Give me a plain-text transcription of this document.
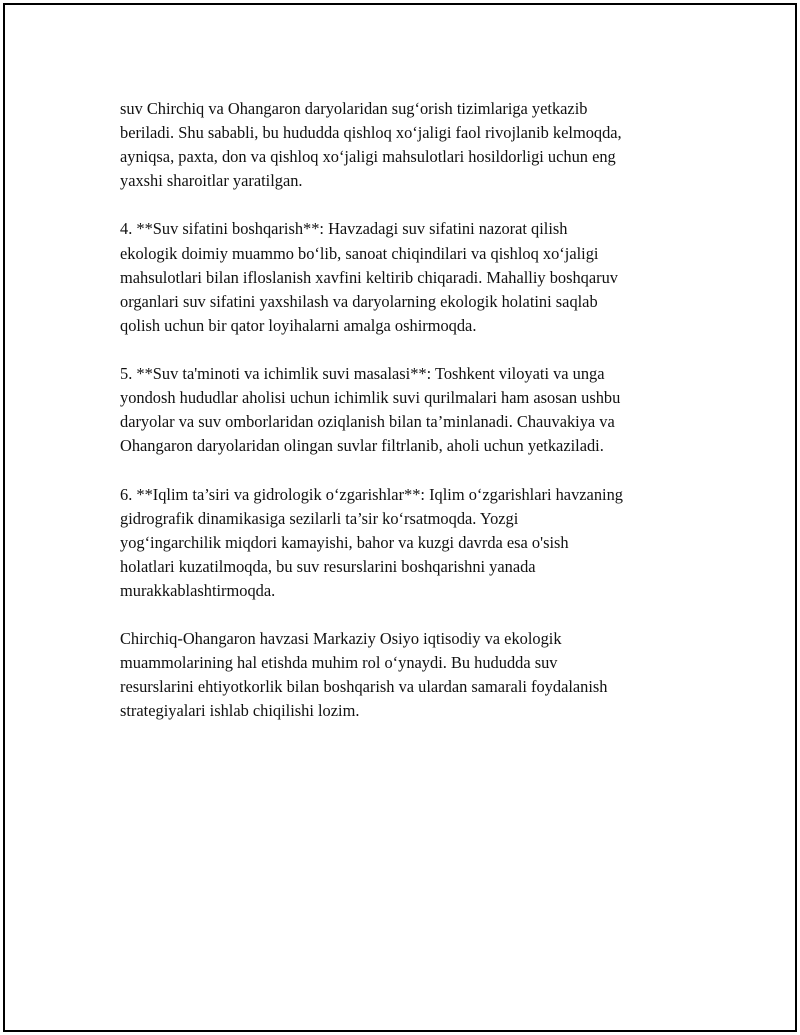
suv Chirchiq va Ohangaron daryolaridan sug‘orish tizimlariga yetkazib
beriladi. Shu sababli, bu hududda qishloq xo‘jaligi faol rivojlanib kelmoqda,
ayniqsa, paxta, don va qishloq xo‘jaligi mahsulotlari hosildorligi uchun eng
yaxshi sharoitlar yaratilgan.

4. **Suv sifatini boshqarish**: Havzadagi suv sifatini nazorat qilish
ekologik doimiy muammo bo‘lib, sanoat chiqindilari va qishloq xo‘jaligi
mahsulotlari bilan ifloslanish xavfini keltirib chiqaradi. Mahalliy boshqaruv
organlari suv sifatini yaxshilash va daryolarning ekologik holatini saqlab
qolish uchun bir qator loyihalarni amalga oshirmoqda.

5. **Suv ta'minoti va ichimlik suvi masalasi**: Toshkent viloyati va unga
yondosh hududlar aholisi uchun ichimlik suvi qurilmalari ham asosan ushbu
daryolar va suv omborlaridan oziqlanish bilan ta’minlanadi. Chauvakiya va
Ohangaron daryolaridan olingan suvlar filtrlanib, aholi uchun yetkaziladi.

6. **Iqlim ta’siri va gidrologik o‘zgarishlar**: Iqlim o‘zgarishlari havzaning
gidrografik dinamikasiga sezilarli ta’sir ko‘rsatmoqda. Yozgi
yog‘ingarchilik miqdori kamayishi, bahor va kuzgi davrda esa o'sish
holatlari kuzatilmoqda, bu suv resurslarini boshqarishni yanada
murakkablashtirmoqda.

Chirchiq-Ohangaron havzasi Markaziy Osiyo iqtisodiy va ekologik
muammolarining hal etishda muhim rol o‘ynaydi. Bu hududda suv
resurslarini ehtiyotkorlik bilan boshqarish va ulardan samarali foydalanish
strategiyalari ishlab chiqilishi lozim.
